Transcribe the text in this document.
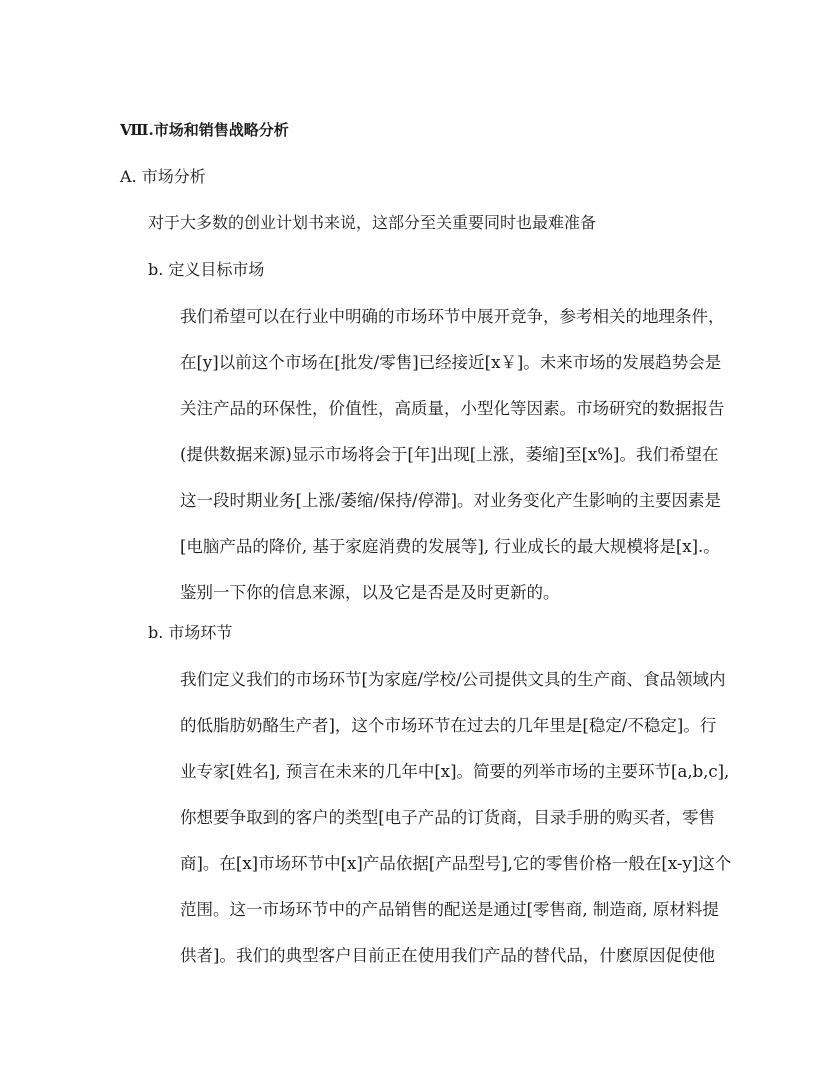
Ⅷ.市场和销售战略分析
A. 市场分析
对于大多数的创业计划书来说，这部分至关重要同时也最难准备
b. 定义目标市场
我们希望可以在行业中明确的市场环节中展开竞争，参考相关的地理条件，
在[y]以前这个市场在[批发/零售]已经接近[x￥]。未来市场的发展趋势会是
关注产品的环保性，价值性，高质量，小型化等因素。市场研究的数据报告
(提供数据来源)显示市场将会于[年]出现[上涨，萎缩]至[x%]。我们希望在
这一段时期业务[上涨/萎缩/保持/停滞]。对业务变化产生影响的主要因素是
[电脑产品的降价, 基于家庭消费的发展等], 行业成长的最大规模将是[x].。
鉴别一下你的信息来源，以及它是否是及时更新的。
b. 市场环节
我们定义我们的市场环节[为家庭/学校/公司提供文具的生产商、食品领域内
的低脂肪奶酪生产者]，这个市场环节在过去的几年里是[稳定/不稳定]。行
业专家[姓名], 预言在未来的几年中[x]。简要的列举市场的主要环节[a,b,c],
你想要争取到的客户的类型[电子产品的订货商，目录手册的购买者，零售
商]。在[x]市场环节中[x]产品依据[产品型号],它的零售价格一般在[x-y]这个
范围。这一市场环节中的产品销售的配送是通过[零售商, 制造商, 原材料提
供者]。我们的典型客户目前正在使用我们产品的替代品，什麽原因促使他
